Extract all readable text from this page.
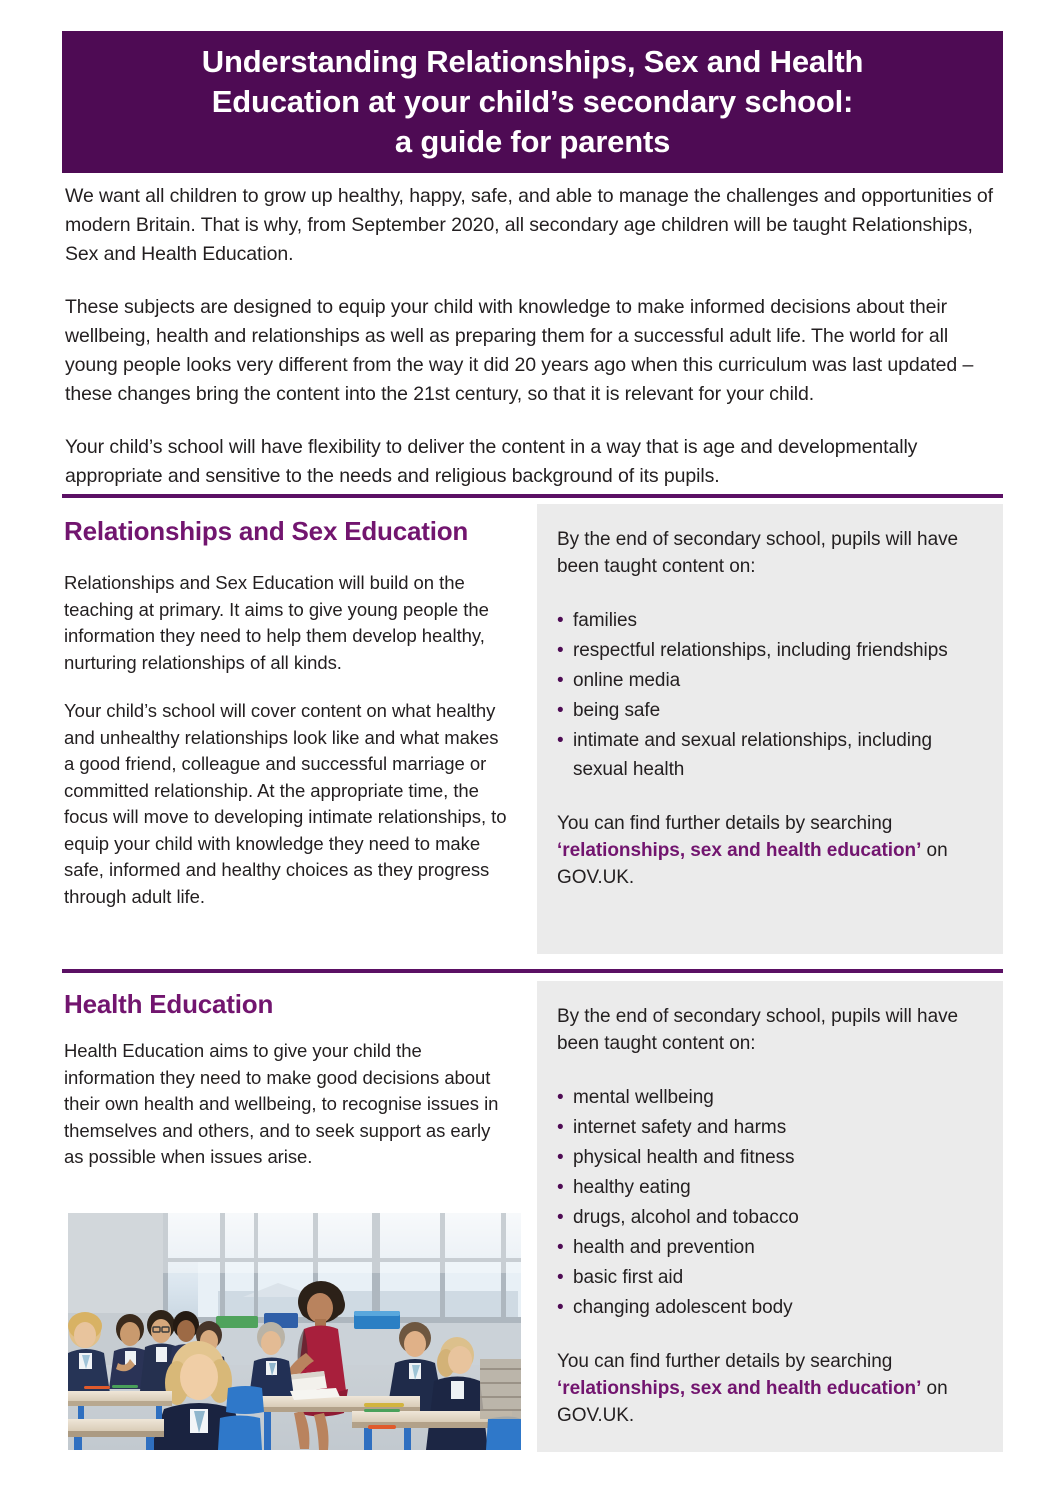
Understanding Relationships, Sex and Health
Education at your child’s secondary school:
a guide for parents

We want all children to grow up healthy, happy, safe, and able to manage the challenges and opportunities of modern Britain. That is why, from September 2020, all secondary age children will be taught Relationships, Sex and Health Education.

These subjects are designed to equip your child with knowledge to make informed decisions about their wellbeing, health and relationships as well as preparing them for a successful adult life. The world for all young people looks very different from the way it did 20 years ago when this curriculum was last updated – these changes bring the content into the 21st century, so that it is relevant for your child.

Your child’s school will have flexibility to deliver the content in a way that is age and developmentally appropriate and sensitive to the needs and religious background of its pupils.

Relationships and Sex Education

Relationships and Sex Education will build on the teaching at primary. It aims to give young people the information they need to help them develop healthy, nurturing relationships of all kinds.

Your child’s school will cover content on what healthy and unhealthy relationships look like and what makes a good friend, colleague and successful marriage or committed relationship. At the appropriate time, the focus will move to developing intimate relationships, to equip your child with knowledge they need to make safe, informed and healthy choices as they progress through adult life.

By the end of secondary school, pupils will have been taught content on:

• families
• respectful relationships, including friendships
• online media
• being safe
• intimate and sexual relationships, including sexual health

You can find further details by searching ‘relationships, sex and health education’ on GOV.UK.

Health Education

Health Education aims to give your child the information they need to make good decisions about their own health and wellbeing, to recognise issues in themselves and others, and to seek support as early as possible when issues arise.

By the end of secondary school, pupils will have been taught content on:

• mental wellbeing
• internet safety and harms
• physical health and fitness
• healthy eating
• drugs, alcohol and tobacco
• health and prevention
• basic first aid
• changing adolescent body

You can find further details by searching ‘relationships, sex and health education’ on GOV.UK.
